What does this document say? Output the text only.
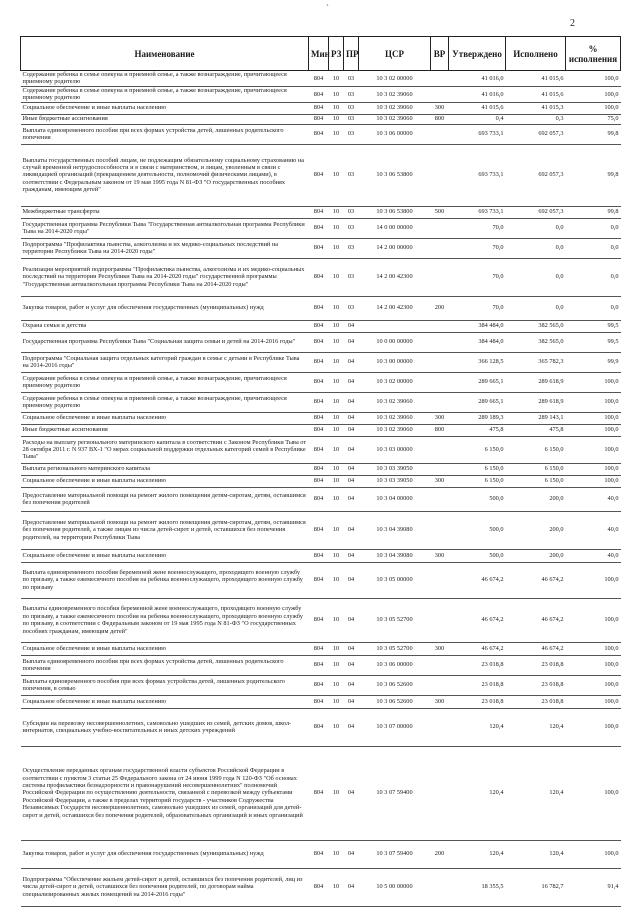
`
2
Наименование	Мин	РЗ	ПР	ЦСР	ВР	Утверждено	Исполнено	%
исполнения
Содержание ребенка в семье опекуна и приемной семье, а также вознаграждение, причитающееся приемному родителю	804	10	03	10 3 02 00000		41 016,0	41 015,6	100,0
Содержание ребенка в семье опекуна и приемной семье, а также вознаграждение, причитающееся приемному родителю	804	10	03	10 3 02 39060		41 016,0	41 015,6	100,0
Социальное обеспечение и иные выплаты населению	804	10	03	10 3 02 39060	300	41 015,6	41 015,3	100,0
Иные бюджетные ассигнования	804	10	03	10 3 02 39060	800	0,4	0,3	75,0
Выплата единовременного пособия при всех формах устройства детей, лишенных родительского попечения	804	10	03	10 3 06 00000		693 733,1	692 057,3	99,8
Выплаты государственных пособий лицам, не подлежащим обязательному социальному страхованию на случай временной нетрудоспособности и в связи с материнством, и лицам, уволенным в связи с ликвидацией организаций (прекращением деятельности, полномочий физическими лицами), в соответствии с Федеральным законом от 19 мая 1995 года N 81-ФЗ "О государственных пособиях гражданам, имеющим детей"	804	10	03	10 3 06 53800		693 733,1	692 057,3	99,8
Межбюджетные трансферты	804	10	03	10 3 06 53800	500	693 733,1	692 057,3	99,8
Государственная программа Республики Тыва "Государственная антиалкогольная программа Республики Тыва на 2014-2020 годы"	804	10	03	14 0 00 00000		70,0	0,0	0,0
Подпрограмма "Профилактика пьянства, алкоголизма и их медико-социальных последствий на территории Республики Тыва на 2014-2020 годы"	804	10	03	14 2 00 00000		70,0	0,0	0,0
Реализация мероприятий подпрограммы "Профилактика пьянства, алкоголизма и их медико-социальных последствий на территории Республики Тыва на 2014-2020 годы" государственной программы "Государственная антиалкогольная программа Республики Тыва на 2014-2020 годы"	804	10	03	14 2 00 42300		70,0	0,0	0,0
Закупка товаров, работ и услуг для обеспечения государственных (муниципальных) нужд	804	10	03	14 2 00 42300	200	70,0	0,0	0,0
Охрана семьи и детства	804	10	04			384 484,0	382 565,0	99,5
Государственная программа Республики Тыва "Социальная защита семьи и детей на 2014-2016 годы"	804	10	04	10 0 00 00000		384 484,0	382 565,0	99,5
Подпрограмма "Социальная защита отдельных категорий граждан в семье с детьми в Республике Тыва на 2014-2016 годы"	804	10	04	10 3 00 00000		366 128,5	365 782,3	99,9
Содержание ребенка в семье опекуна и приемной семье, а также вознаграждение, причитающееся приемному родителю	804	10	04	10 3 02 00000		289 665,1	289 618,9	100,0
Содержание ребенка в семье опекуна и приемной семье, а также вознаграждение, причитающееся приемному родителю	804	10	04	10 3 02 39060		289 665,1	289 618,9	100,0
Социальное обеспечение и иные выплаты населению	804	10	04	10 3 02 39060	300	289 189,3	289 143,1	100,0
Иные бюджетные ассигнования	804	10	04	10 3 02 39060	800	475,8	475,8	100,0
Расходы на выплату регионального материнского капитала в соответствии с Законом Республики Тыва от 28 октября 2011 г. N 937 ВХ-1 "О мерах социальной поддержки отдельных категорий семей в Республике Тыва"	804	10	04	10 3 03 00000		6 150,0	6 150,0	100,0
Выплата регионального материнского капитала	804	10	04	10 3 03 39050		6 150,0	6 150,0	100,0
Социальное обеспечение и иные выплаты населению	804	10	04	10 3 03 39050	300	6 150,0	6 150,0	100,0
Предоставление материальной помощи на ремонт жилого помещения детям-сиротам, детям, оставшимся без попечения родителей	804	10	04	10 3 04 00000		500,0	200,0	40,0
Предоставление материальной помощи на ремонт жилого помещения детям-сиротам, детям, оставшимся без попечения родителей, а также лицам из числа детей-сирот и детей, оставшихся без попечения родителей, на территории Республики Тыва	804	10	04	10 3 04 39080		500,0	200,0	40,0
Социальное обеспечение и иные выплаты населению	804	10	04	10 3 04 39080	300	500,0	200,0	40,0
Выплата единовременного пособия беременной жене военнослужащего, проходящего военную службу по призыву, а также ежемесячного пособия на ребенка военнослужащего, проходящего военную службу по призыву	804	10	04	10 3 05 00000		46 674,2	46 674,2	100,0
Выплаты единовременного пособия беременной жене военнослужащего, проходящего военную службу по призыву, а также ежемесячного пособия на ребенка военнослужащего, проходящего военную службу по призыву, в соответствии с Федеральным законом от 19 мая 1995 года N 81-ФЗ "О государственных пособиях гражданам, имеющим детей"	804	10	04	10 3 05 52700		46 674,2	46 674,2	100,0
Социальное обеспечение и иные выплаты населению	804	10	04	10 3 05 52700	300	46 674,2	46 674,2	100,0
Выплата единовременного пособия при всех формах устройства детей, лишенных родительского попечения	804	10	04	10 3 06 00000		23 018,8	23 018,8	100,0
Выплаты единовременного пособия при всех формах устройства детей, лишенных родительского попечения, в семью	804	10	04	10 3 06 52600		23 018,8	23 018,8	100,0
Социальное обеспечение и иные выплаты населению	804	10	04	10 3 06 52600	300	23 018,8	23 018,8	100,0
Субсидии на перевозку несовершеннолетних, самовольно ушедших из семей, детских домов, школ-интернатов, специальных учебно-воспитательных и иных детских учреждений	804	10	04	10 3 07 00000		120,4	120,4	100,0
Осуществление переданных органам государственной власти субъектов Российской Федерации в соответствии с пунктом 3 статьи 25 Федерального закона от 24 июня 1999 года N 120-ФЗ "Об основах системы профилактики безнадзорности и правонарушений несовершеннолетних" полномочий Российской Федерации по осуществлению деятельности, связанной с перевозкой между субъектами Российской Федерации, а также в пределах территорий государств - участников Содружества Независимых Государств несовершеннолетних, самовольно ушедших из семей, организаций для детей-сирот и детей, оставшихся без попечения родителей, образовательных организаций и иных организаций	804	10	04	10 3 07 59400		120,4	120,4	100,0
Закупка товаров, работ и услуг для обеспечения государственных (муниципальных) нужд	804	10	04	10 3 07 59400	200	120,4	120,4	100,0
Подпрограмма "Обеспечение жильем детей-сирот и детей, оставшихся без попечения родителей, лиц из числа детей-сирот и детей, оставшихся без попечения родителей, по договорам найма специализированных жилых помещений на 2014-2016 годы"	804	10	04	10 5 00 00000		18 355,5	16 782,7	91,4
